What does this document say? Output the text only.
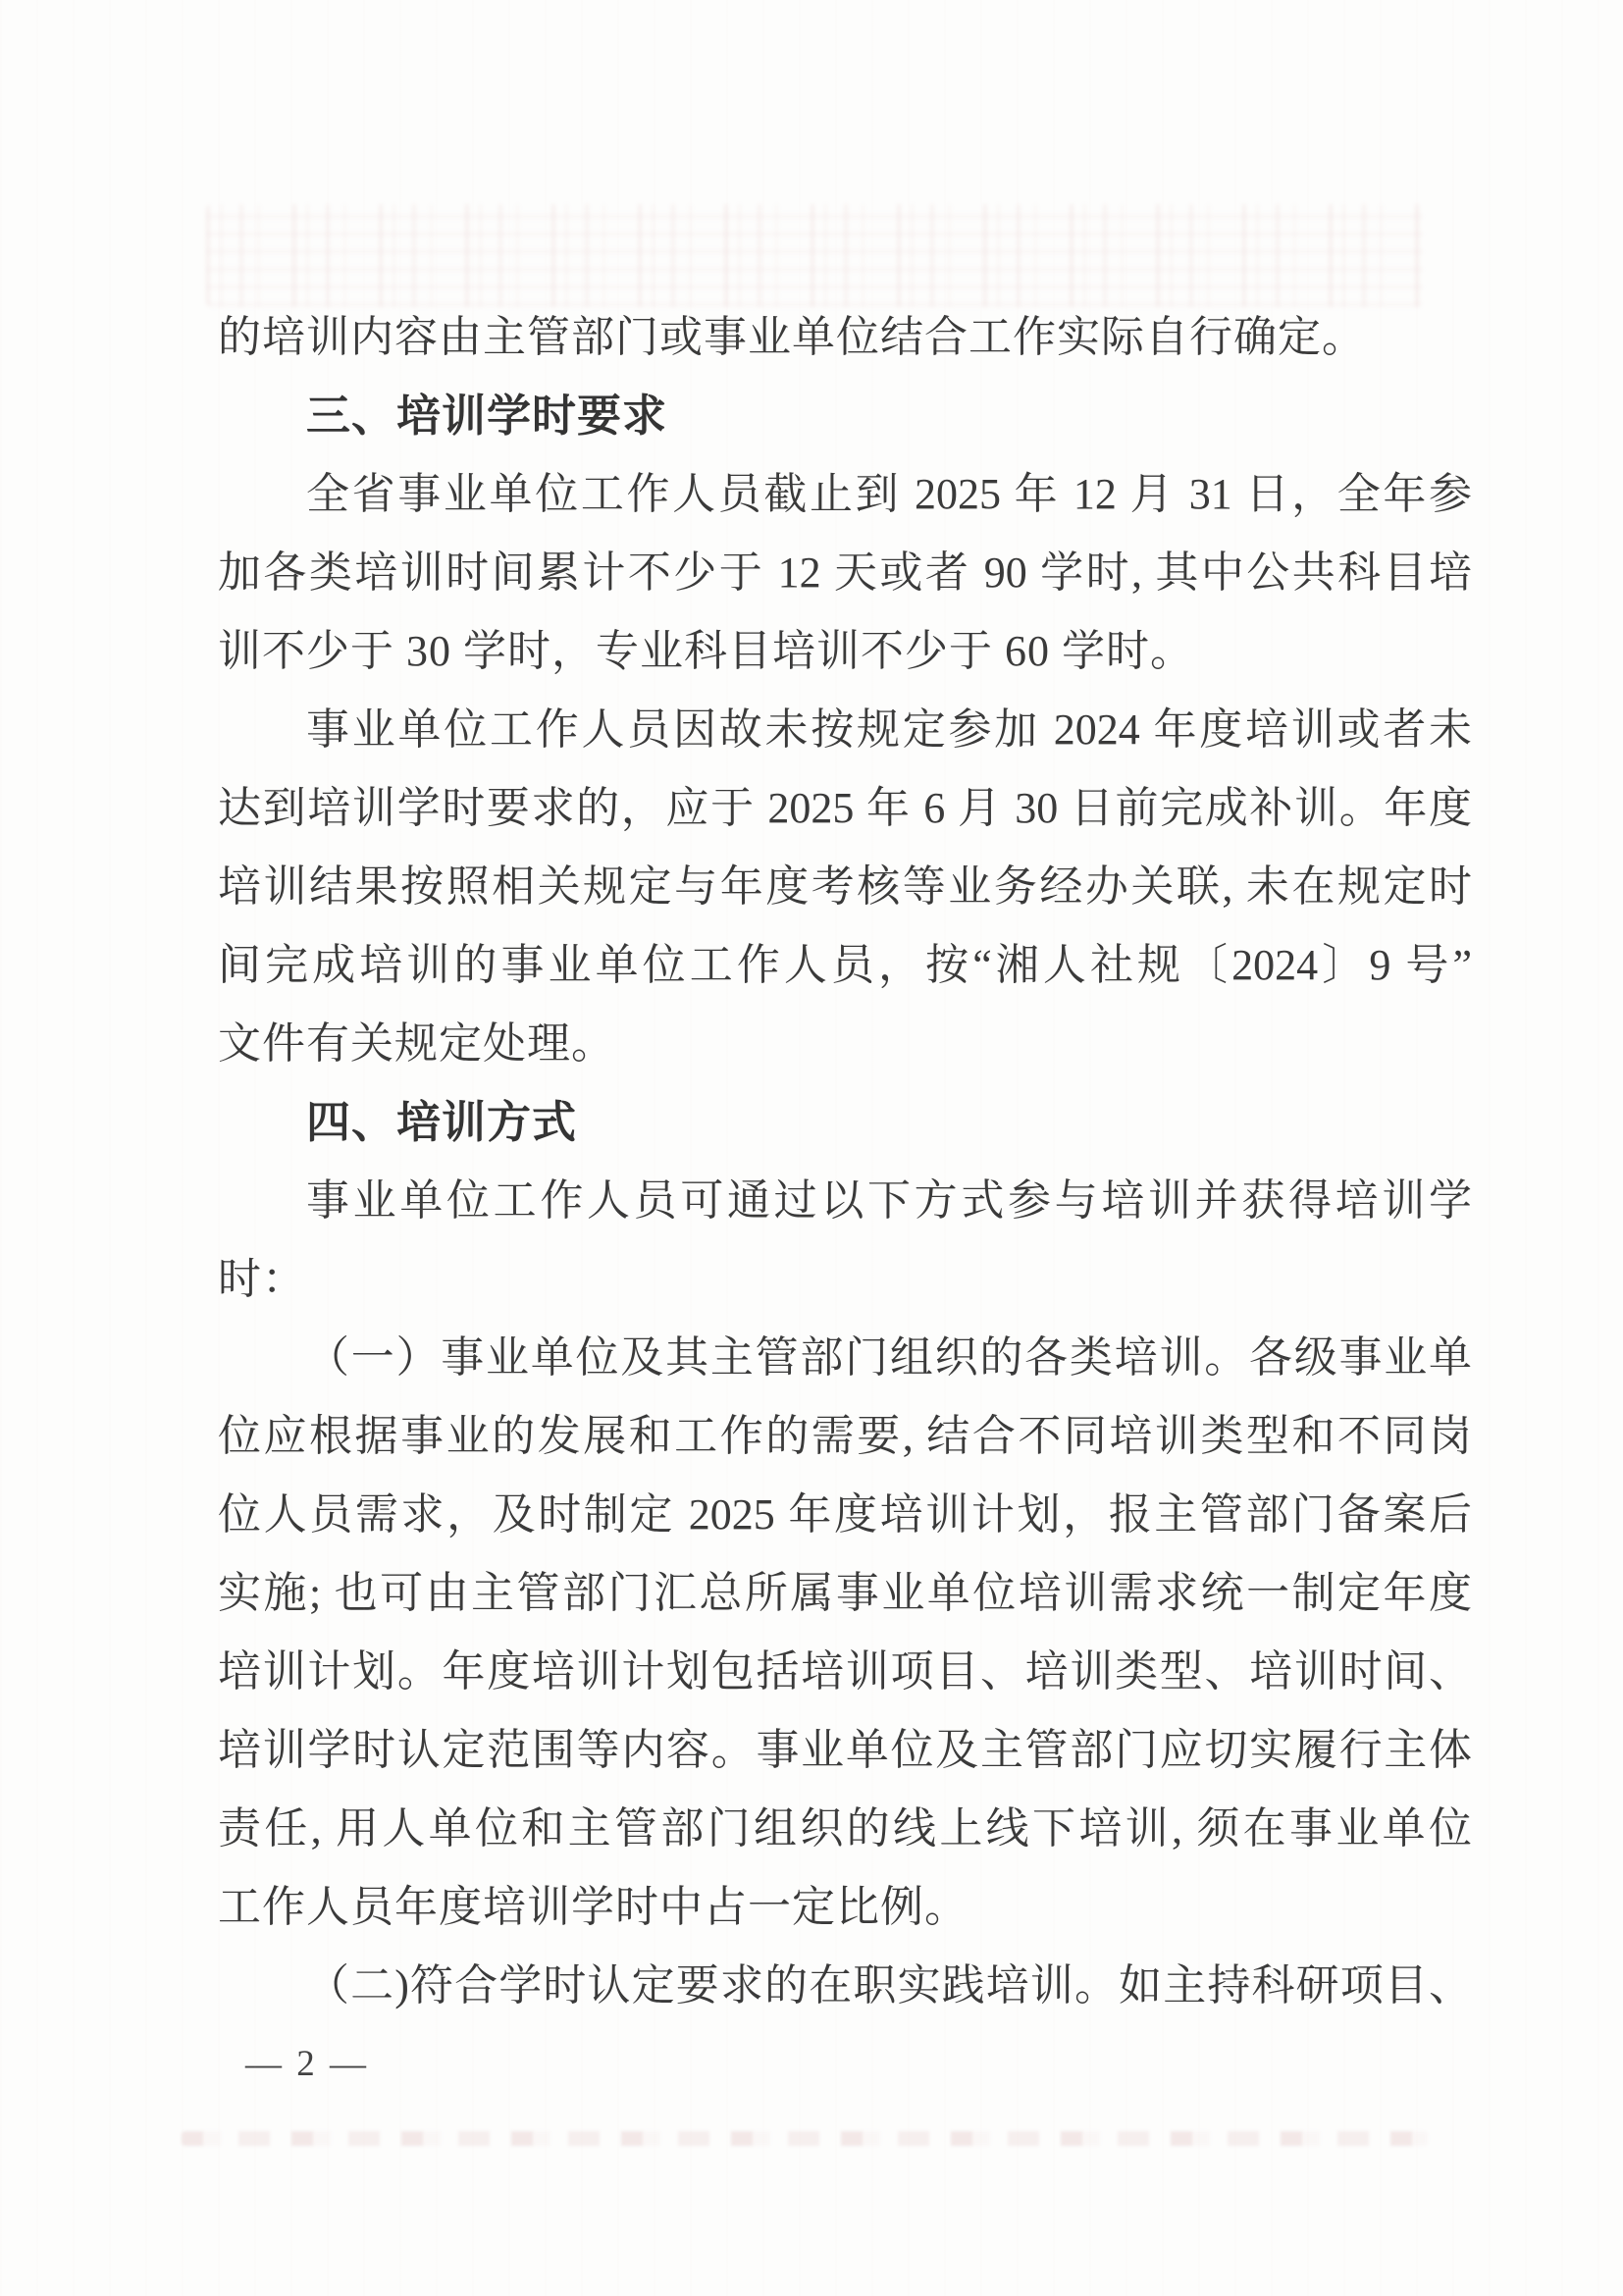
的培训内容由主管部门或事业单位结合工作实际自行确定。
三、培训学时要求
全省事业单位工作人员截止到 2025 年 12 月 31 日，全年参
加各类培训时间累计不少于 12 天或者 90 学时, 其中公共科目培
训不少于 30 学时，专业科目培训不少于 60 学时。
事业单位工作人员因故未按规定参加 2024 年度培训或者未
达到培训学时要求的，应于 2025 年 6 月 30 日前完成补训。年度
培训结果按照相关规定与年度考核等业务经办关联, 未在规定时
间完成培训的事业单位工作人员，按“湘人社规〔2024〕9 号”
文件有关规定处理。
四、培训方式
事业单位工作人员可通过以下方式参与培训并获得培训学
时：
（一）事业单位及其主管部门组织的各类培训。各级事业单
位应根据事业的发展和工作的需要, 结合不同培训类型和不同岗
位人员需求，及时制定 2025 年度培训计划，报主管部门备案后
实施; 也可由主管部门汇总所属事业单位培训需求统一制定年度
培训计划。年度培训计划包括培训项目、培训类型、培训时间、
培训学时认定范围等内容。事业单位及主管部门应切实履行主体
责任, 用人单位和主管部门组织的线上线下培训, 须在事业单位
工作人员年度培训学时中占一定比例。
（二)符合学时认定要求的在职实践培训。如主持科研项目、
— 2 —
